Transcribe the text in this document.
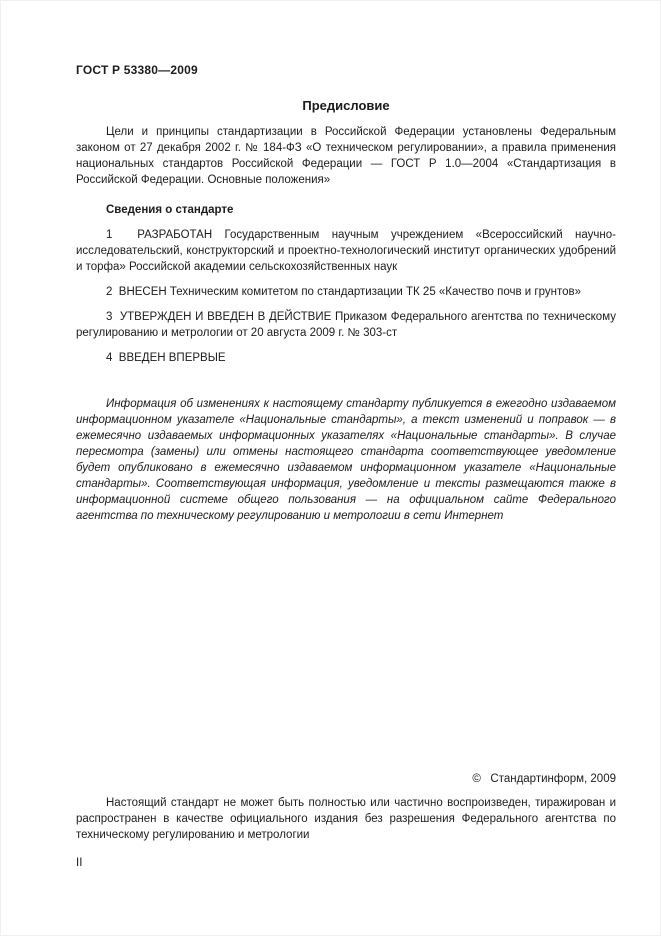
ГОСТ Р 53380—2009
Предисловие

Цели и принципы стандартизации в Российской Федерации установлены Федеральным законом от 27 декабря 2002 г. № 184-ФЗ «О техническом регулировании», а правила применения национальных стандартов Российской Федерации — ГОСТ Р 1.0—2004 «Стандартизация в Российской Федерации. Основные положения»

Сведения о стандарте

1  РАЗРАБОТАН Государственным научным учреждением «Всероссийский научно-исследовательский, конструкторский и проектно-технологический институт органических удобрений и торфа» Российской академии сельскохозяйственных наук

2  ВНЕСЕН Техническим комитетом по стандартизации ТК 25 «Качество почв и грунтов»

3  УТВЕРЖДЕН И ВВЕДЕН В ДЕЙСТВИЕ Приказом Федерального агентства по техническому регулированию и метрологии от 20 августа 2009 г. № 303-ст

4  ВВЕДЕН ВПЕРВЫЕ

Информация об изменениях к настоящему стандарту публикуется в ежегодно издаваемом информационном указателе «Национальные стандарты», а текст изменений и поправок — в ежемесячно издаваемых информационных указателях «Национальные стандарты». В случае пересмотра (замены) или отмены настоящего стандарта соответствующее уведомление будет опубликовано в ежемесячно издаваемом информационном указателе «Национальные стандарты». Соответствующая информация, уведомление и тексты размещаются также в информационной системе общего пользования — на официальном сайте Федерального агентства по техническому регулированию и метрологии в сети Интернет

©   Стандартинформ, 2009

Настоящий стандарт не может быть полностью или частично воспроизведен, тиражирован и распространен в качестве официального издания без разрешения Федерального агентства по техническому регулированию и метрологии

II
